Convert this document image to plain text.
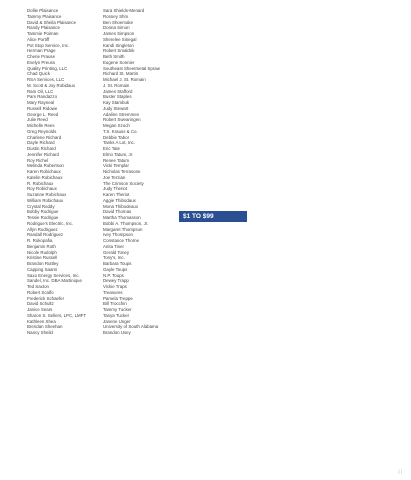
Dollie Plaisance
Tammy Plaisance
David & Sheila Plaisance
Randy Plaisance
Tammie Poiman
Alice Portiff
Pot Stop Service, Inc.
Herman Prage
Cherie Prause
Evelyn Preuss
Quality Printing, LLC
Chad Quick
RSA Services, LLC
M. Scott & Joy Robidaux
Ram Oil, LLC
Pam Randazzo
Mary Rayneal
Russell Ridowe
George L. Reed
Julie Reed
Michelle Rees
Greg Reynolds
Charlene Richard
Dayle Richard
Dustin Richard
Jennifer Richard
Roy Richel
Melinda Robertson
Karen Robichaux
Katelin Robichaux
R. Robichaux
Roy Robichaux
Suzanne Robichaux
William Robichaux
Crystal Roddy
Bobby Rodrigue
Tessie Rodrigue
Rodrigue's Electric, Inc.
Allyn Rodriguez
Randall Rodriguez
R. Rokopafia
Benjamin Roth
Nicole Rudolph
Kristine Russell
Brandon Ruttley
Capping Saarni
Saxo Energy Services, Inc.
Sandel, Inc. DBA Martinique
Ted Saxton
Robert Scalfo
Frederick Schaefer
David Schultz
Janice Sears
Sharon S. Sellers, LPC, LMFT
Kathleen Shea
Brendan Sheehan
Nancy Sheild
Sara Shields-Menard
Rosney Shm
Ben Shoemake
Donna Simon
James Simpson
Sherelee Sinegal
Kandi Singleton
Robert Smaldnk
Beth Smith
Eugene Sonnier
Southeast Sheetmetal Spraw
Richard St. Martin
Michael J. St. Romain
J. St. Romain
James Stafford
Buster Staples
Kay Stambuk
Judy Stewart
Adaline Stremmen
Robert Swearingen
Megan Szuch
T.S. Krauss & Co.
Debbie Tabor
Tanks A Lot, Inc.
Eric Tate
Elmo Tatum, Jr.
Renee Tatum
Vicki Templar
Nicholas Terrasone
Joe Terzian
The Crimson Society
Judy Theriot
Karen Theriot
Aggie Thibodaux
Mona Thibodeaux
David Thomas
Martha Thomasson
Bobbi A. Thompson, Jr.
Margaret Thompson
Ivey Thompson
Constance Thorne
Anita Tiner
Gerald Toney
Tony's, Inc.
Barbara Toups
Gayle Toups
N.P. Toups
Dewey Trapp
Vickie Traps
Treasures
Pamela Treppe
Bill Trocchin
Tammy Tucker
Tanya Tucker
Janene Unger
University of South Alabama
Brandon Usey
$1 TO $99
| |
